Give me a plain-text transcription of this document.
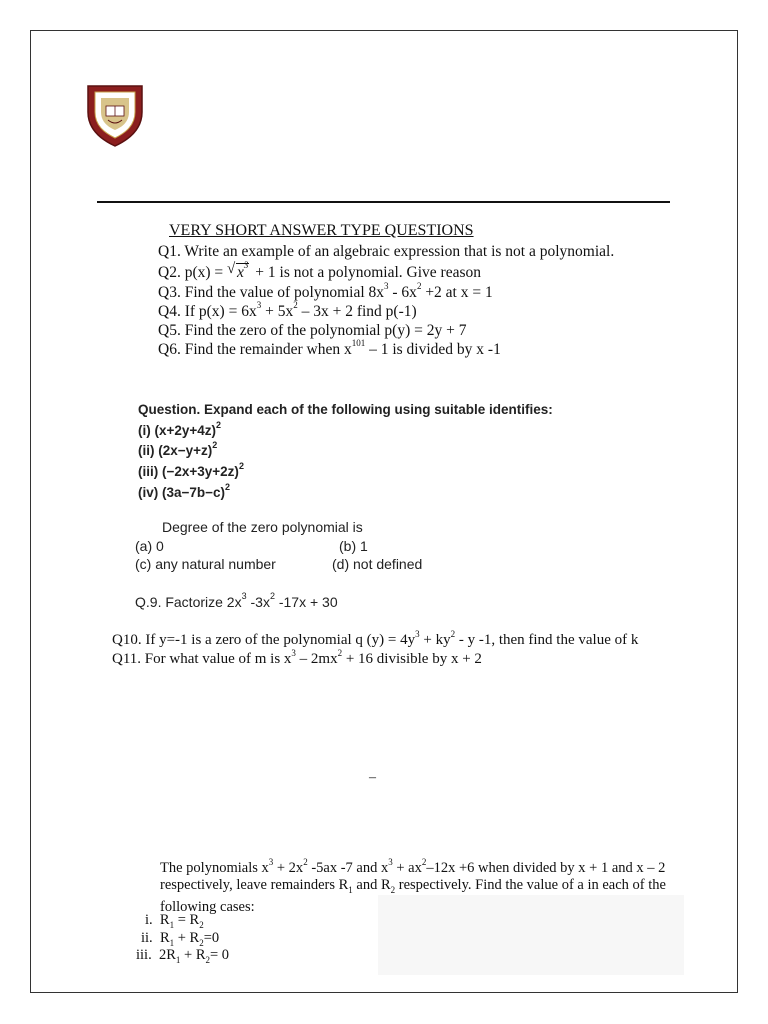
VERY SHORT ANSWER TYPE QUESTIONS
Q1. Write an example of an algebraic expression that is not a polynomial.
Q2. p(x) = √ $x^3 + 1$ is not a polynomial. Give reason
Q3. Find the value of polynomial $8x^3 - 6x^2 +2$ at x = 1
Q4. If $p(x) = 6x^3 + 5x^2 - 3x + 2$ find p(-1)
Q5. Find the zero of the polynomial p(y) = 2y + 7
Q6. Find the remainder when $x^{101} - 1$ is divided by x -1
Question. Expand each of the following using suitable identifies:
(i) $(x+2y+4z)^2$
(ii) $(2x-y+z)^2$
(iii) $(-2x+3y+2z)^2$
(iv) $(3a-7b-c)^2$
Degree of the zero polynomial is
(a) 0	(b) 1
(c) any natural number	(d) not defined
Q.9. Factorize $2x^3$ $-3x^2$ -17x + 30
Q10. If y=-1 is a zero of the polynomial q $(y) = 4y^3 + ky^2 - y$ -1, then find the value of k
Q11. For what value of m is $x^3 - 2mx^2 + 16$ divisible by x + 2
–
The polynomials $x^3 + 2x^2$ -5ax -7 and $x^3 + ax^2-12x +6$ when divided by x + 1 and x – 2 respectively, leave remainders $R_1$ and $R_2$ respectively. Find the value of a in each of the following cases:
i. $R_1 = R_2$
ii. $R_1 + R_2=0$
iii. $2R_1 + R_2= 0$
